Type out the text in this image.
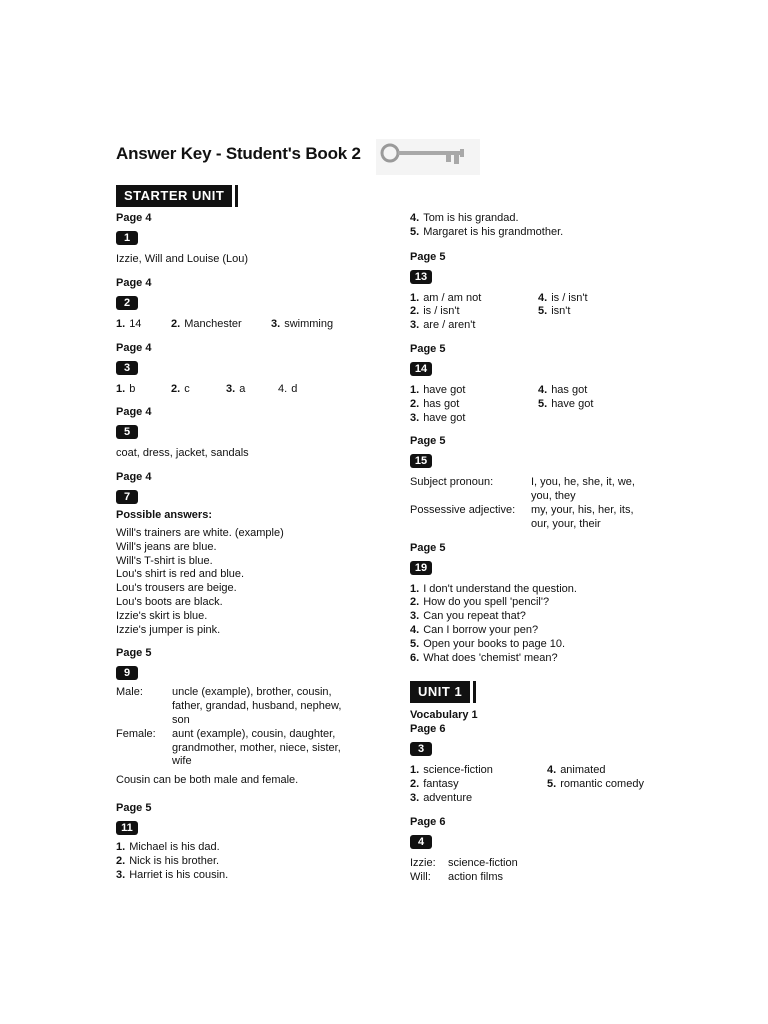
Answer Key - Student's Book 2
STARTER UNIT

Page 4

1

Izzie, Will and Louise (Lou)

Page 4

2
1. 14	2. Manchester	3. swimming

Page 4

3
1. b	2. c	3. a	4. d

Page 4

5

coat, dress, jacket, sandals

Page 4

7

Possible answers:

Will's trainers are white. (example)

Will's jeans are blue.

Will's T-shirt is blue.

Lou's shirt is red and blue.

Lou's trousers are beige.

Lou's boots are black.

Izzie's skirt is blue.

Izzie's jumper is pink.

Page 5

9
Male:	uncle (example), brother, cousin,
father, grandad, husband, nephew,
son
Female:	aunt (example), cousin, daughter,
grandmother, mother, niece, sister,
wife

Cousin can be both male and female.

Page 5

11

1. Michael is his dad.

2. Nick is his brother.

3. Harriet is his cousin.

4. Tom is his grandad.

5. Margaret is his grandmother.

Page 5

13

1. am / am not

2. is / isn't

3. are / aren't

4. is / isn't

5. isn't

Page 5

14

1. have got

2. has got

3. have got

4. has got

5. have got

Page 5

15
Subject pronoun:	I, you, he, she, it, we,
you, they
Possessive adjective:	my, your, his, her, its,
our, your, their

Page 5

19

1. I don't understand the question.

2. How do you spell 'pencil'?

3. Can you repeat that?

4. Can I borrow your pen?

5. Open your books to page 10.

6. What does 'chemist' mean?

UNIT 1

Vocabulary 1

Page 6

3

1. science-fiction

2. fantasy

3. adventure

4. animated

5. romantic comedy

Page 6

4
Izzie:	science-fiction
Will:	action films
